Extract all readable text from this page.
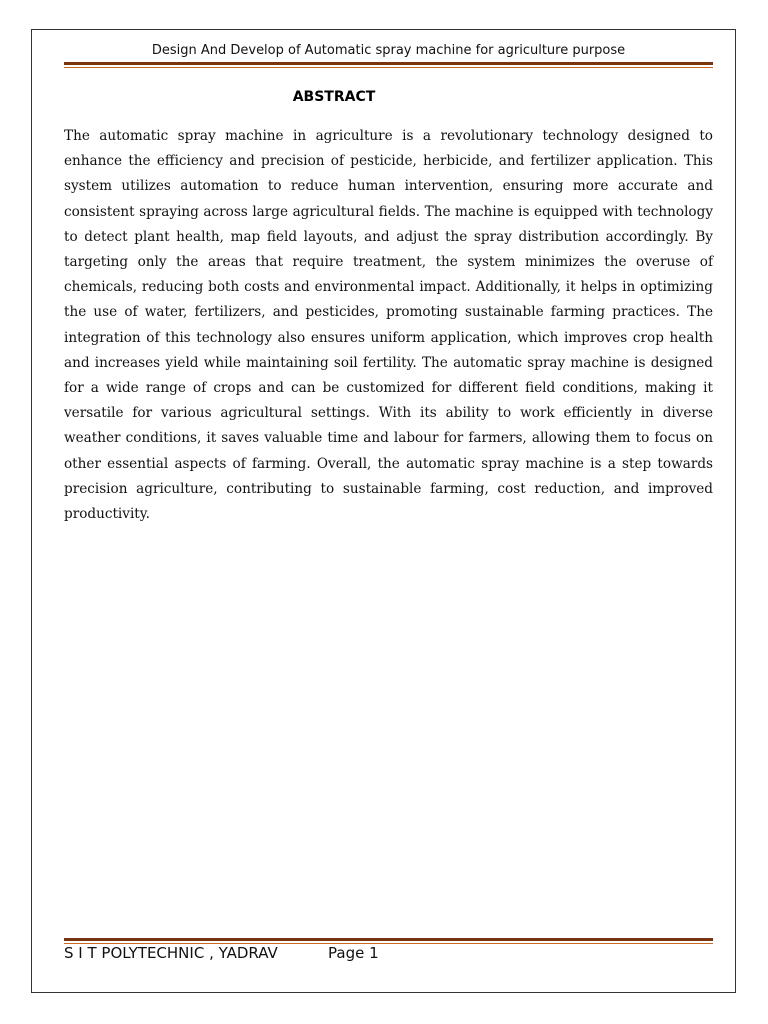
Design And Develop of Automatic spray machine for agriculture purpose
ABSTRACT

The automatic spray machine in agriculture is a revolutionary technology designed to enhance the efficiency and precision of pesticide, herbicide, and fertilizer application. This system utilizes automation to reduce human intervention, ensuring more accurate and consistent spraying across large agricultural fields. The machine is equipped with technology to detect plant health, map field layouts, and adjust the spray distribution accordingly. By targeting only the areas that require treatment, the system minimizes the overuse of chemicals, reducing both costs and environmental impact. Additionally, it helps in optimizing the use of water, fertilizers, and pesticides, promoting sustainable farming practices. The integration of this technology also ensures uniform application, which improves crop health and increases yield while maintaining soil fertility. The automatic spray machine is designed for a wide range of crops and can be customized for different field conditions, making it versatile for various agricultural settings. With its ability to work efficiently in diverse weather conditions, it saves valuable time and labour for farmers, allowing them to focus on other essential aspects of farming. Overall, the automatic spray machine is a step towards precision agriculture, contributing to sustainable farming, cost reduction, and improved productivity.

S I T POLYTECHNIC , YADRAV	Page 1
